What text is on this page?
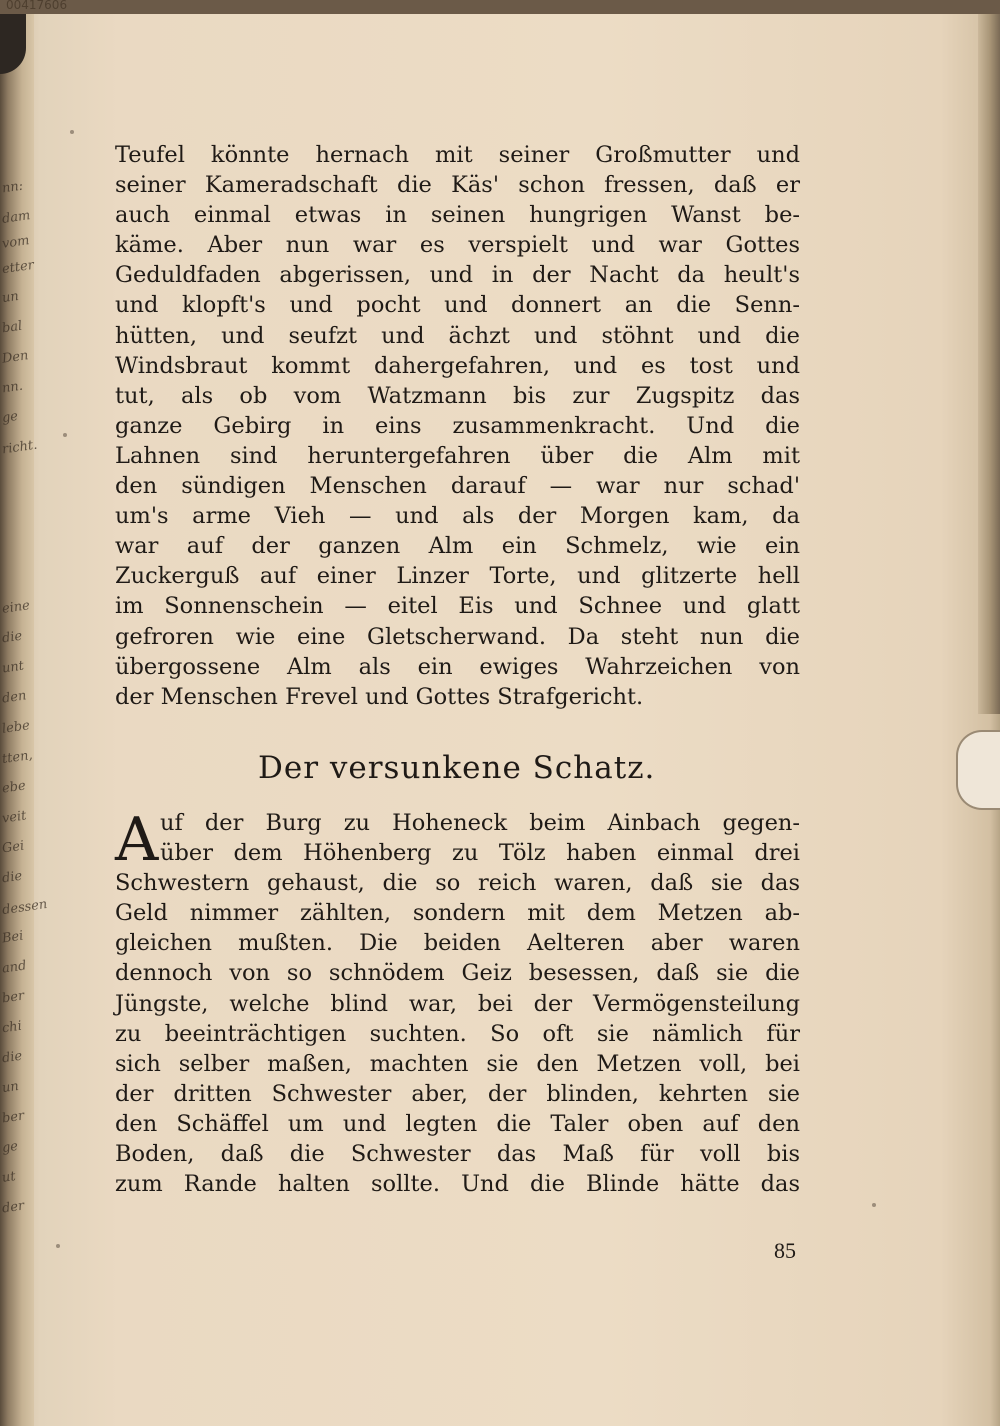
00417606
nn:
dam
vom
etter
un
bal
Den
nn.
ge
richt.
eine
die
unt
den
lebe
tten,
ebe
veit
Gei
die
dessen
Bei
and
ber
chi
die
un
ber
ge
ut
der
Teufel könnte hernach mit seiner Großmutter und
seiner Kameradschaft die Käs' schon fressen, daß er
auch einmal etwas in seinen hungrigen Wanst be-
käme. Aber nun war es verspielt und war Gottes
Geduldfaden abgerissen, und in der Nacht da heult's
und klopft's und pocht und donnert an die Senn-
hütten, und seufzt und ächzt und stöhnt und die
Windsbraut kommt dahergefahren, und es tost und
tut, als ob vom Watzmann bis zur Zugspitz das
ganze Gebirg in eins zusammenkracht. Und die
Lahnen sind heruntergefahren über die Alm mit
den sündigen Menschen darauf — war nur schad'
um's arme Vieh — und als der Morgen kam, da
war auf der ganzen Alm ein Schmelz, wie ein
Zuckerguß auf einer Linzer Torte, und glitzerte hell
im Sonnenschein — eitel Eis und Schnee und glatt
gefroren wie eine Gletscherwand. Da steht nun die
übergossene Alm als ein ewiges Wahrzeichen von
der Menschen Frevel und Gottes Strafgericht.
Der versunkene Schatz.
A uf der Burg zu Hoheneck beim Ainbach gegen-
über dem Höhenberg zu Tölz haben einmal drei
Schwestern gehaust, die so reich waren, daß sie das
Geld nimmer zählten, sondern mit dem Metzen ab-
gleichen mußten. Die beiden Aelteren aber waren
dennoch von so schnödem Geiz besessen, daß sie die
Jüngste, welche blind war, bei der Vermögensteilung
zu beeinträchtigen suchten. So oft sie nämlich für
sich selber maßen, machten sie den Metzen voll, bei
der dritten Schwester aber, der blinden, kehrten sie
den Schäffel um und legten die Taler oben auf den
Boden, daß die Schwester das Maß für voll bis
zum Rande halten sollte. Und die Blinde hätte das
85
